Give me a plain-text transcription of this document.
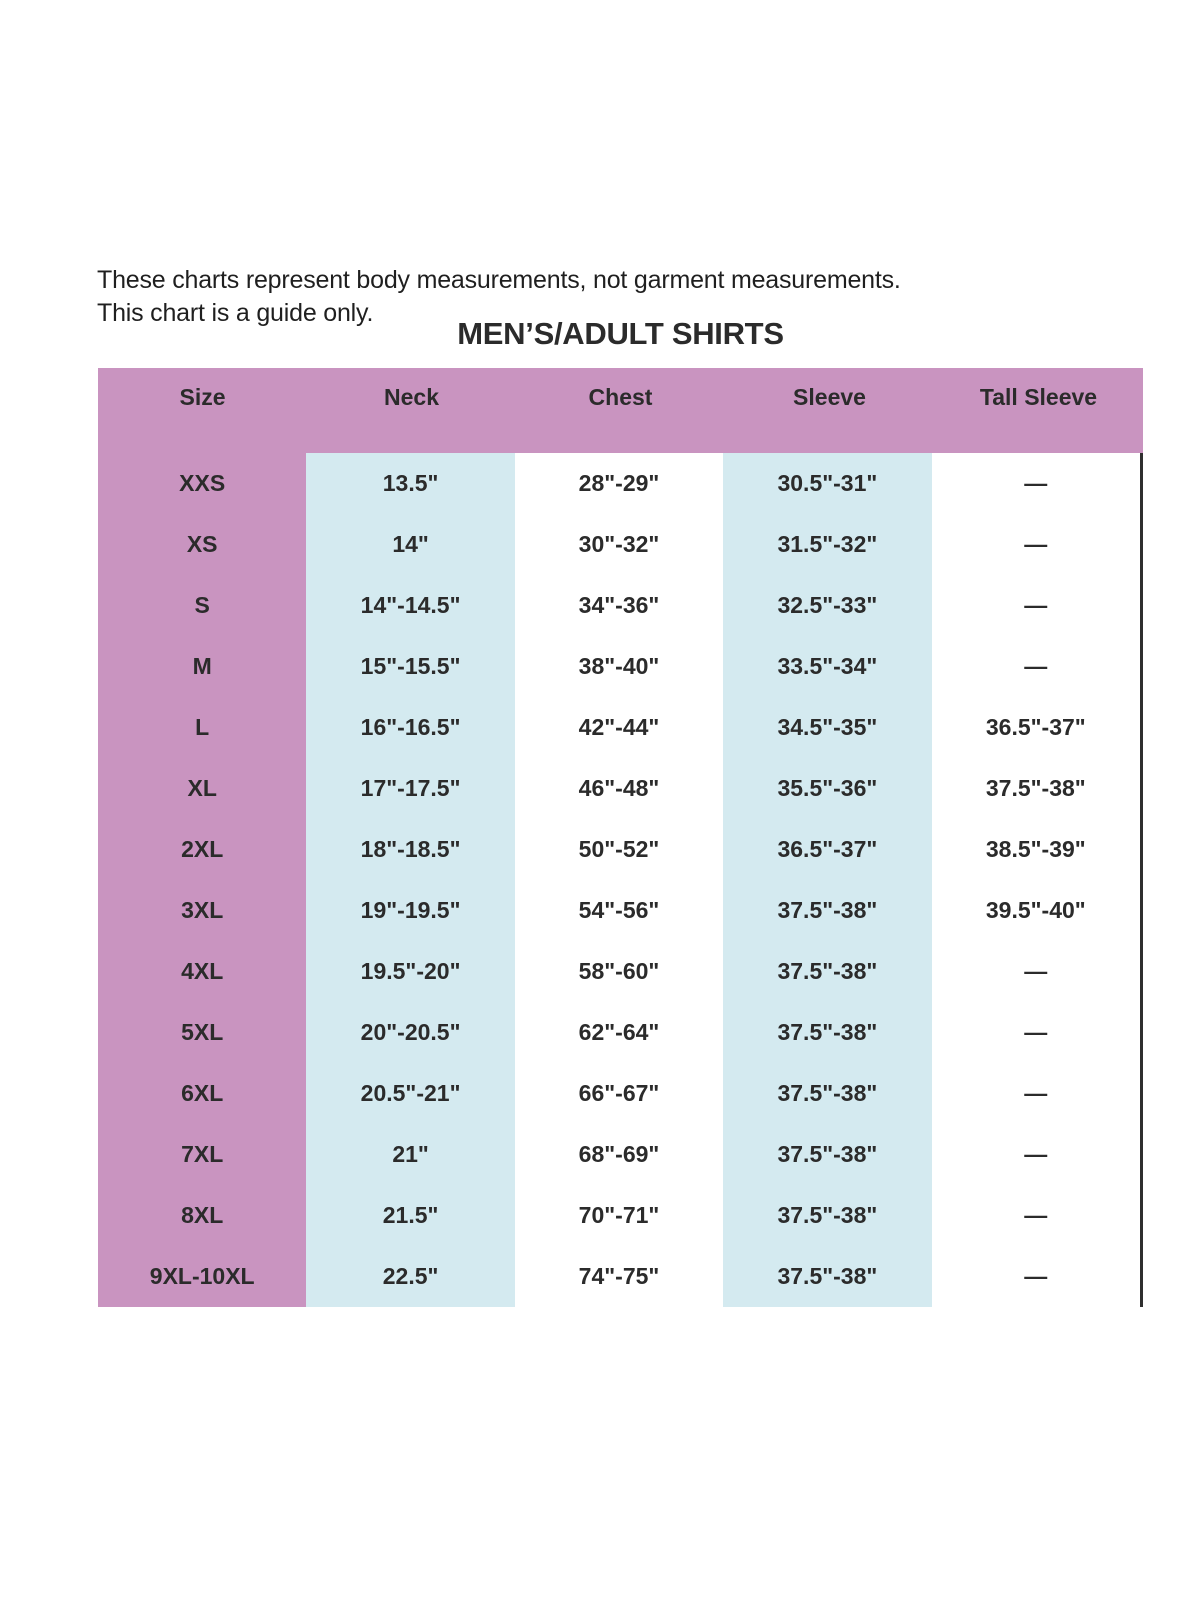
These charts represent body measurements, not garment measurements.
This chart is a guide only.
MEN’S/ADULT SHIRTS
Size	Neck	Chest	Sleeve	Tall Sleeve
XXS	13.5"	28"-29"	30.5"-31"	—
XS	14"	30"-32"	31.5"-32"	—
S	14"-14.5"	34"-36"	32.5"-33"	—
M	15"-15.5"	38"-40"	33.5"-34"	—
L	16"-16.5"	42"-44"	34.5"-35"	36.5"-37"
XL	17"-17.5"	46"-48"	35.5"-36"	37.5"-38"
2XL	18"-18.5"	50"-52"	36.5"-37"	38.5"-39"
3XL	19"-19.5"	54"-56"	37.5"-38"	39.5"-40"
4XL	19.5"-20"	58"-60"	37.5"-38"	—
5XL	20"-20.5"	62"-64"	37.5"-38"	—
6XL	20.5"-21"	66"-67"	37.5"-38"	—
7XL	21"	68"-69"	37.5"-38"	—
8XL	21.5"	70"-71"	37.5"-38"	—
9XL-10XL	22.5"	74"-75"	37.5"-38"	—
